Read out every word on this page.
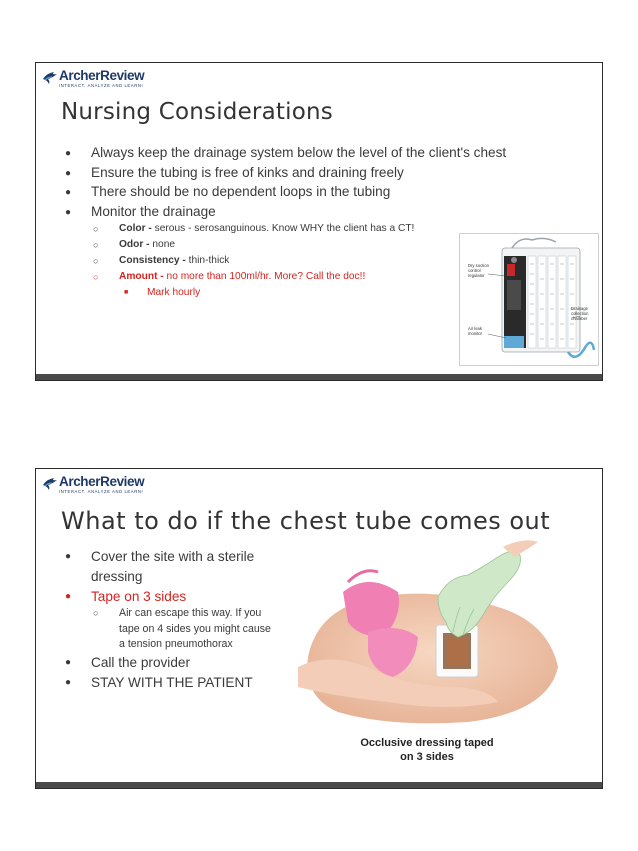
ArcherReview
INTERACT. ANALYZE AND LEARN!
Nursing Considerations
● Always keep the drainage system below the level of the client's chest
● Ensure the tubing is free of kinks and draining freely
● There should be no dependent loops in the tubing
● Monitor the drainage
○ Color - serous - serosanguinous. Know WHY the client has a CT!
○ Odor - none
○ Consistency - thin-thick
○ Amount - no more than 100ml/hr. More? Call the doc!!
■ Mark hourly
Dry suction
control
regulator
Drainage
collection
chamber
Air leak
monitor
ArcherReview
INTERACT. ANALYZE AND LEARN!
What to do if the chest tube comes out
● Cover the site with a sterile dressing
● Tape on 3 sides
○ Air can escape this way. If you tape on 4 sides you might cause a tension pneumothorax
● Call the provider
● STAY WITH THE PATIENT
Occlusive dressing taped
on 3 sides
